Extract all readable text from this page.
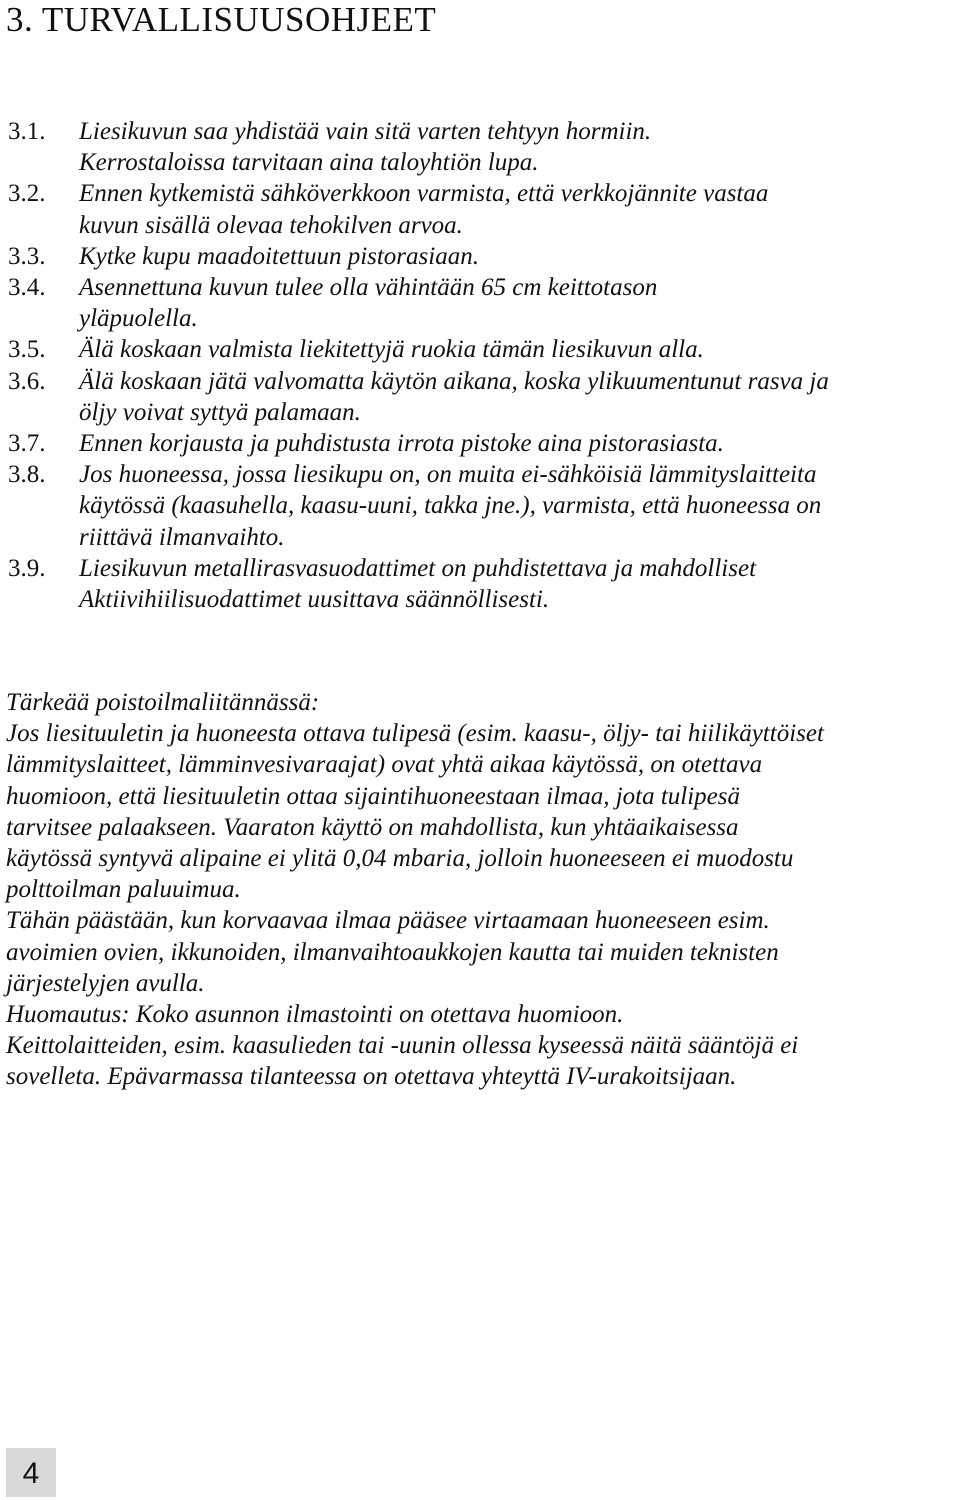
3. TURVALLISUUSOHJEET
3.1.	Liesikuvun saa yhdistää vain sitä varten tehtyyn hormiin.
Kerrostaloissa tarvitaan aina taloyhtiön lupa.
3.2.	Ennen kytkemistä sähköverkkoon varmista, että verkkojännite vastaa
kuvun sisällä olevaa tehokilven arvoa.
3.3.	Kytke kupu maadoitettuun pistorasiaan.
3.4.	Asennettuna kuvun tulee olla vähintään 65 cm keittotason
yläpuolella.
3.5.	Älä koskaan valmista liekitettyjä ruokia tämän liesikuvun alla.
3.6.	Älä koskaan jätä valvomatta käytön aikana, koska ylikuumentunut rasva ja
öljy voivat syttyä palamaan.
3.7.	Ennen korjausta ja puhdistusta irrota pistoke aina pistorasiasta.
3.8.	Jos huoneessa, jossa liesikupu on, on muita ei-sähköisiä lämmityslaitteita
käytössä (kaasuhella, kaasu-uuni, takka jne.), varmista, että huoneessa on
riittävä ilmanvaihto.
3.9.	Liesikuvun metallirasvasuodattimet on puhdistettava ja mahdolliset
Aktiivihiilisuodattimet uusittava säännöllisesti.

Tärkeää poistoilmaliitännässä:

Jos liesituuletin ja huoneesta ottava tulipesä (esim. kaasu-, öljy- tai hiilikäyttöiset
lämmityslaitteet, lämminvesivaraajat) ovat yhtä aikaa käytössä, on otettava
huomioon, että liesituuletin ottaa sijaintihuoneestaan ilmaa, jota tulipesä
tarvitsee palaakseen. Vaaraton käyttö on mahdollista, kun yhtäaikaisessa
käytössä syntyvä alipaine ei ylitä 0,04 mbaria, jolloin huoneeseen ei muodostu
polttoilman paluuimua.

Tähän päästään, kun korvaavaa ilmaa pääsee virtaamaan huoneeseen esim.
avoimien ovien, ikkunoiden, ilmanvaihtoaukkojen kautta tai muiden teknisten
järjestelyjen avulla.

Huomautus: Koko asunnon ilmastointi on otettava huomioon.

Keittolaitteiden, esim. kaasulieden tai -uunin ollessa kyseessä näitä sääntöjä ei
sovelleta. Epävarmassa tilanteessa on otettava yhteyttä IV-urakoitsijaan.

4
